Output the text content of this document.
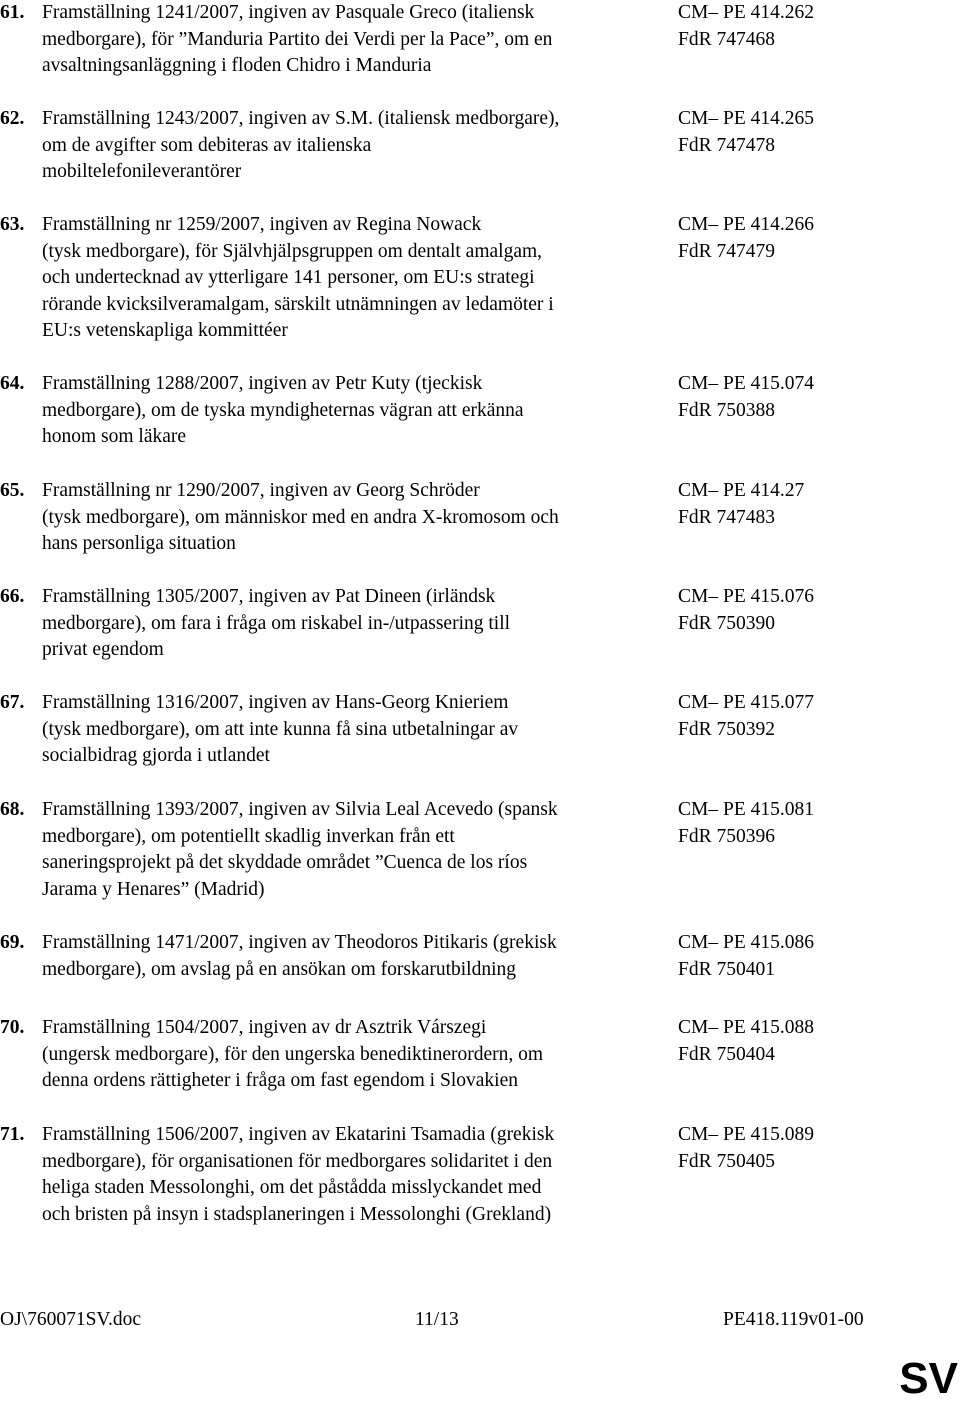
61. Framställning 1241/2007, ingiven av Pasquale Greco (italiensk
medborgare), för ”Manduria Partito dei Verdi per la Pace”, om en
avsaltningsanläggning i floden Chidro i Manduria
CM– PE 414.262
FdR 747468
62. Framställning 1243/2007, ingiven av S.M. (italiensk medborgare),
om de avgifter som debiteras av italienska
mobiltelefonileverantörer
CM– PE 414.265
FdR 747478
63. Framställning nr 1259/2007, ingiven av Regina Nowack
(tysk medborgare), för Självhjälpsgruppen om dentalt amalgam,
och undertecknad av ytterligare 141 personer, om EU:s strategi
rörande kvicksilveramalgam, särskilt utnämningen av ledamöter i
EU:s vetenskapliga kommittéer
CM– PE 414.266
FdR 747479
64. Framställning 1288/2007, ingiven av Petr Kuty (tjeckisk
medborgare), om de tyska myndigheternas vägran att erkänna
honom som läkare
CM– PE 415.074
FdR 750388
65. Framställning nr 1290/2007, ingiven av Georg Schröder
(tysk medborgare), om människor med en andra X-kromosom och
hans personliga situation
CM– PE 414.27
FdR 747483
66. Framställning 1305/2007, ingiven av Pat Dineen (irländsk
medborgare), om fara i fråga om riskabel in-/utpassering till
privat egendom
CM– PE 415.076
FdR 750390
67. Framställning 1316/2007, ingiven av Hans-Georg Knieriem
(tysk medborgare), om att inte kunna få sina utbetalningar av
socialbidrag gjorda i utlandet
CM– PE 415.077
FdR 750392
68. Framställning 1393/2007, ingiven av Silvia Leal Acevedo (spansk
medborgare), om potentiellt skadlig inverkan från ett
saneringsprojekt på det skyddade området ”Cuenca de los ríos
Jarama y Henares” (Madrid)
CM– PE 415.081
FdR 750396
69. Framställning 1471/2007, ingiven av Theodoros Pitikaris (grekisk
medborgare), om avslag på en ansökan om forskarutbildning
CM– PE 415.086
FdR 750401
70. Framställning 1504/2007, ingiven av dr Asztrik Várszegi
(ungersk medborgare), för den ungerska benediktinerordern, om
denna ordens rättigheter i fråga om fast egendom i Slovakien
CM– PE 415.088
FdR 750404
71. Framställning 1506/2007, ingiven av Ekatarini Tsamadia (grekisk
medborgare), för organisationen för medborgares solidaritet i den
heliga staden Messolonghi, om det påstådda misslyckandet med
och bristen på insyn i stadsplaneringen i Messolonghi (Grekland)
CM– PE 415.089
FdR 750405
OJ\760071SV.doc	11/13	PE418.119v01-00
SV
